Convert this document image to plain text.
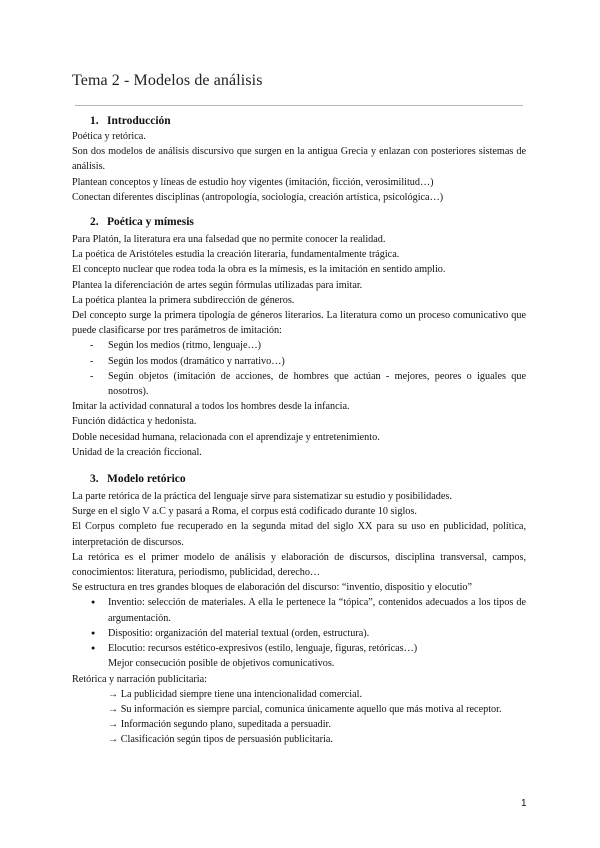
Tema 2 - Modelos de análisis
1. Introducción

Poética y retórica.

Son dos modelos de análisis discursivo que surgen en la antigua Grecia y enlazan con posteriores sistemas de análisis.

Plantean conceptos y líneas de estudio hoy vigentes (imitación, ficción, verosimilitud…)

Conectan diferentes disciplinas (antropología, sociología, creación artística, psicológica…)

2. Poética y mímesis

Para Platón, la literatura era una falsedad que no permite conocer la realidad.

La poética de Aristóteles estudia la creación literaria, fundamentalmente trágica.

El concepto nuclear que rodea toda la obra es la mímesis, es la imitación en sentido amplio.

Plantea la diferenciación de artes según fórmulas utilizadas para imitar.

La poética plantea la primera subdirección de géneros.

Del concepto surge la primera tipología de géneros literarios. La literatura como un proceso comunicativo que puede clasificarse por tres parámetros de imitación:

- Según los medios (ritmo, lenguaje…)
- Según los modos (dramático y narrativo…)
- Según objetos (imitación de acciones, de hombres que actúan - mejores, peores o iguales que nosotros).

Imitar la actividad connatural a todos los hombres desde la infancia.

Función didáctica y hedonista.

Doble necesidad humana, relacionada con el aprendizaje y entretenimiento.

Unidad de la creación ficcional.

3. Modelo retórico

La parte retórica de la práctica del lenguaje sirve para sistematizar su estudio y posibilidades.

Surge en el siglo V a.C y pasará a Roma, el corpus está codificado durante 10 siglos.

El Corpus completo fue recuperado en la segunda mitad del siglo XX para su uso en publicidad, política, interpretación de discursos.

La retórica es el primer modelo de análisis y elaboración de discursos, disciplina transversal, campos, conocimientos: literatura, periodismo, publicidad, derecho…

Se estructura en tres grandes bloques de elaboración del discurso: “inventio, dispositio y elocutio”

● Inventio: selección de materiales. A ella le pertenece la “tópica”, contenidos adecuados a los tipos de argumentación.
● Dispositio: organización del material textual (orden, estructura).
● Elocutio: recursos estético-expresivos (estilo, lenguaje, figuras, retóricas…)

Mejor consecución posible de objetivos comunicativos.

Retórica y narración publicitaria:

→ La publicidad siempre tiene una intencionalidad comercial.

→ Su información es siempre parcial, comunica únicamente aquello que más motiva al receptor.

→ Información segundo plano, supeditada a persuadir.

→ Clasificación según tipos de persuasión publicitaria.

1
